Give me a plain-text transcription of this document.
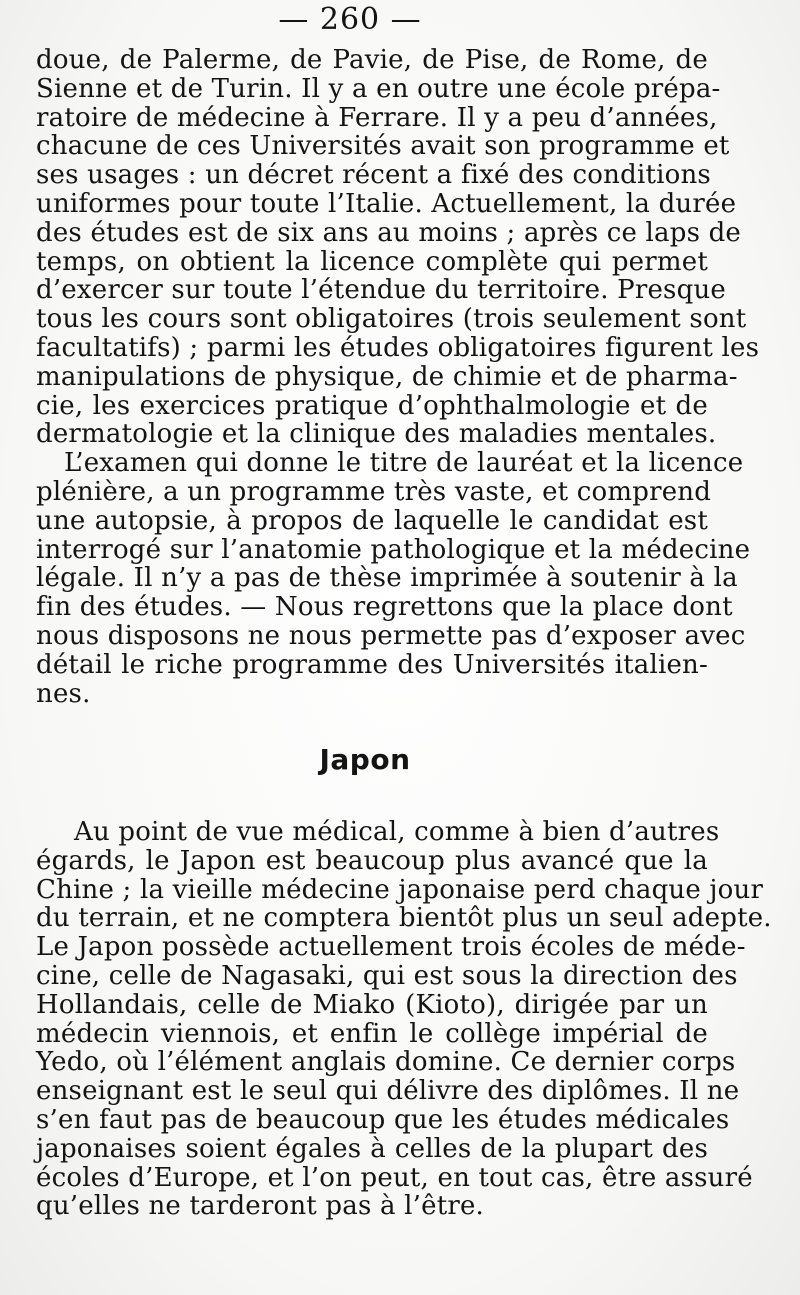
— 260 —
doue, de Palerme, de Pavie, de Pise, de Rome, de
Sienne et de Turin. Il y a en outre une école prépa-
ratoire de médecine à Ferrare. Il y a peu d’années,
chacune de ces Universités avait son programme et
ses usages : un décret récent a fixé des conditions
uniformes pour toute l’Italie. Actuellement, la durée
des études est de six ans au moins ; après ce laps de
temps, on obtient la licence complète qui permet
d’exercer sur toute l’étendue du territoire. Presque
tous les cours sont obligatoires (trois seulement sont
facultatifs) ; parmi les études obligatoires figurent les
manipulations de physique, de chimie et de pharma-
cie, les exercices pratique d’ophthalmologie et de
dermatologie et la clinique des maladies mentales.
L’examen qui donne le titre de lauréat et la licence
plénière, a un programme très vaste, et comprend
une autopsie, à propos de laquelle le candidat est
interrogé sur l’anatomie pathologique et la médecine
légale. Il n’y a pas de thèse imprimée à soutenir à la
fin des études. — Nous regrettons que la place dont
nous disposons ne nous permette pas d’exposer avec
détail le riche programme des Universités italien-
nes.
Japon
Au point de vue médical, comme à bien d’autres
égards, le Japon est beaucoup plus avancé que la
Chine ; la vieille médecine japonaise perd chaque jour
du terrain, et ne comptera bientôt plus un seul adepte.
Le Japon possède actuellement trois écoles de méde-
cine, celle de Nagasaki, qui est sous la direction des
Hollandais, celle de Miako (Kioto), dirigée par un
médecin viennois, et enfin le collège impérial de
Yedo, où l’élément anglais domine. Ce dernier corps
enseignant est le seul qui délivre des diplômes. Il ne
s’en faut pas de beaucoup que les études médicales
japonaises soient égales à celles de la plupart des
écoles d’Europe, et l’on peut, en tout cas, être assuré
qu’elles ne tarderont pas à l’être.
